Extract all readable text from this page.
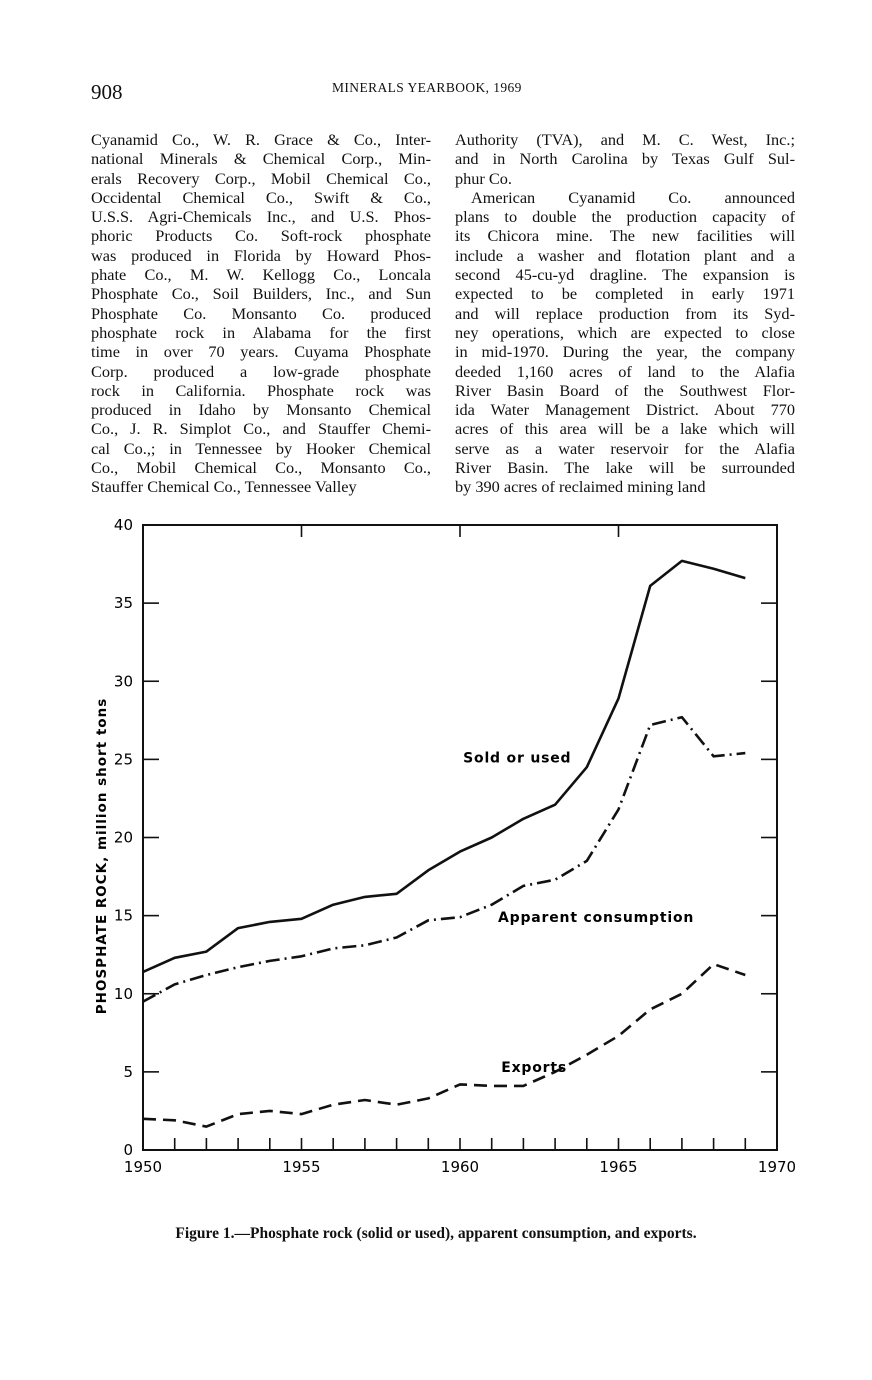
908	MINERALS YEARBOOK, 1969
Cyanamid Co., W. R. Grace & Co., Inter-
national Minerals & Chemical Corp., Min-
erals Recovery Corp., Mobil Chemical Co.,
Occidental Chemical Co., Swift & Co.,
U.S.S. Agri-Chemicals Inc., and U.S. Phos-
phoric Products Co. Soft-rock phosphate
was produced in Florida by Howard Phos-
phate Co., M. W. Kellogg Co., Loncala
Phosphate Co., Soil Builders, Inc., and Sun
Phosphate Co. Monsanto Co. produced
phosphate rock in Alabama for the first
time in over 70 years. Cuyama Phosphate
Corp. produced a low-grade phosphate
rock in California. Phosphate rock was
produced in Idaho by Monsanto Chemical
Co., J. R. Simplot Co., and Stauffer Chemi-
cal Co.,; in Tennessee by Hooker Chemical
Co., Mobil Chemical Co., Monsanto Co.,
Stauffer Chemical Co., Tennessee Valley
Authority (TVA), and M. C. West, Inc.;
and in North Carolina by Texas Gulf Sul-
phur Co.
American Cyanamid Co. announced
plans to double the production capacity of
its Chicora mine. The new facilities will
include a washer and flotation plant and a
second 45-cu-yd dragline. The expansion is
expected to be completed in early 1971
and will replace production from its Syd-
ney operations, which are expected to close
in mid-1970. During the year, the company
deeded 1,160 acres of land to the Alafia
River Basin Board of the Southwest Flor-
ida Water Management District. About 770
acres of this area will be a lake which will
serve as a water reservoir for the Alafia
River Basin. The lake will be surrounded
by 390 acres of reclaimed mining land
0
5
10
15
20
25
30
35
40
1950	1955	1960	1965	1970
Sold or used
Apparent consumption
Exports
PHOSPHATE ROCK, million short tons
Figure 1.—Phosphate rock (solid or used), apparent consumption, and exports.
